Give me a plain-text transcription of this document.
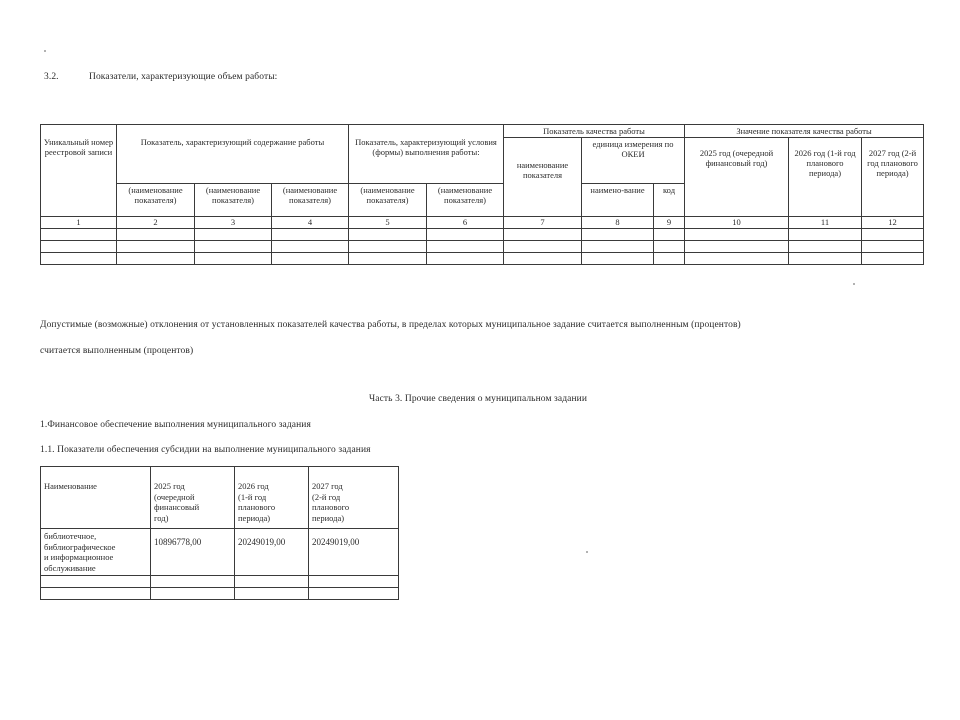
3.2.	Показатели, характеризующие объем работы:
Уникальный номер реестровой записи	Показатель, характеризующий содержание работы			Показатель, характеризующий условия (формы) выполнения работы:		Показатель качества работы			Значение показателя качества работы		
						наименование показателя	единица измерения по ОКЕИ		2025 год (очередной финансовый год)	2026 год (1-й год планового периода)	2027 год (2-й год планового периода)
	(наименование показателя)	(наименование показателя)	(наименование показателя)	(наименование показателя)	(наименование показателя)		наимено-вание	код			
1	2	3	4	5	6	7	8	9	10	11	12

Допустимые (возможные) отклонения от установленных показателей качества работы, в пределах которых муниципальное задание считается выполненным (процентов)
считается выполненным (процентов)
Часть 3. Прочие сведения о муниципальном задании
1.Финансовое обеспечение выполнения муниципального задания
1.1. Показатели обеспечения субсидии на выполнение муниципального задания
Наименование	2025 год
(очередной
финансовый
год)	2026 год
(1-й год
планового
периода)	2027 год
(2-й год
планового
периода)
библиотечное,
библиографическое
и информационное
обслуживание	10896778,00	20249019,00	20249019,00
